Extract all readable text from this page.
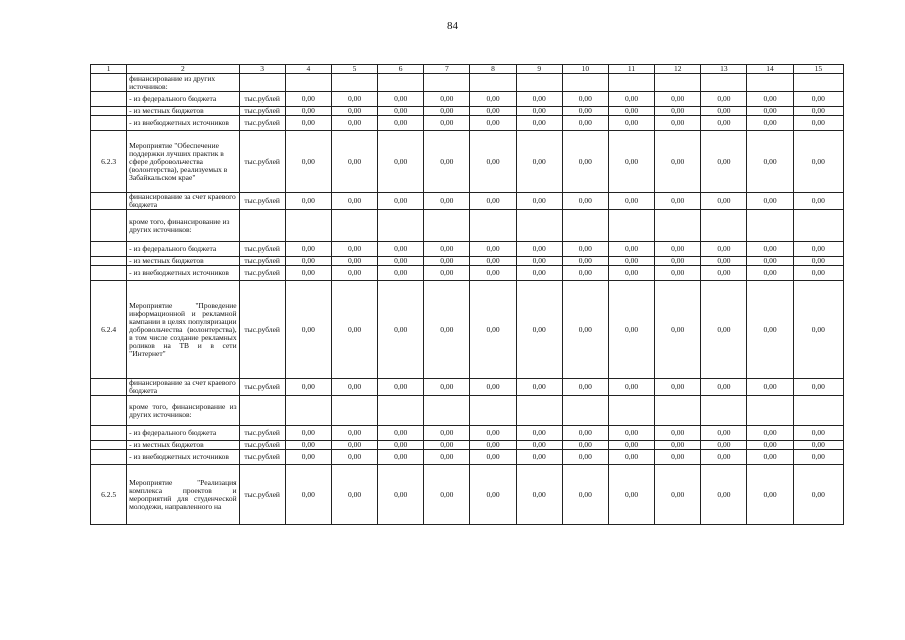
84
1	2	3	4	5	6	7	8	9	10	11	12	13	14	15
	финансирование из других источников:													
	- из федерального бюджета	тыс.рублей	0,00	0,00	0,00	0,00	0,00	0,00	0,00	0,00	0,00	0,00	0,00	0,00
	- из местных бюджетов	тыс.рублей	0,00	0,00	0,00	0,00	0,00	0,00	0,00	0,00	0,00	0,00	0,00	0,00
	- из внебюджетных источников	тыс.рублей	0,00	0,00	0,00	0,00	0,00	0,00	0,00	0,00	0,00	0,00	0,00	0,00
6.2.3	Мероприятие "Обеспечение поддержки лучших практик в сфере добровольчества (волонтерства), реализуемых в Забайкальском крае"	тыс.рублей	0,00	0,00	0,00	0,00	0,00	0,00	0,00	0,00	0,00	0,00	0,00	0,00
	финансирование за счет краевого бюджета	тыс.рублей	0,00	0,00	0,00	0,00	0,00	0,00	0,00	0,00	0,00	0,00	0,00	0,00
	кроме того, финансирование из других источников:													
	- из федерального бюджета	тыс.рублей	0,00	0,00	0,00	0,00	0,00	0,00	0,00	0,00	0,00	0,00	0,00	0,00
	- из местных бюджетов	тыс.рублей	0,00	0,00	0,00	0,00	0,00	0,00	0,00	0,00	0,00	0,00	0,00	0,00
	- из внебюджетных источников	тыс.рублей	0,00	0,00	0,00	0,00	0,00	0,00	0,00	0,00	0,00	0,00	0,00	0,00
6.2.4	Мероприятие "Проведение информационной и рекламной кампании в целях популяризации добровольчества (волонтерства), в том числе создание рекламных роликов на ТВ и в сети "Интернет"	тыс.рублей	0,00	0,00	0,00	0,00	0,00	0,00	0,00	0,00	0,00	0,00	0,00	0,00
	финансирование за счет краевого бюджета	тыс.рублей	0,00	0,00	0,00	0,00	0,00	0,00	0,00	0,00	0,00	0,00	0,00	0,00
	кроме того, финансирование из других источников:													
	- из федерального бюджета	тыс.рублей	0,00	0,00	0,00	0,00	0,00	0,00	0,00	0,00	0,00	0,00	0,00	0,00
	- из местных бюджетов	тыс.рублей	0,00	0,00	0,00	0,00	0,00	0,00	0,00	0,00	0,00	0,00	0,00	0,00
	- из внебюджетных источников	тыс.рублей	0,00	0,00	0,00	0,00	0,00	0,00	0,00	0,00	0,00	0,00	0,00	0,00
6.2.5	Мероприятие "Реализация комплекса проектов и мероприятий для студенческой молодежи, направленного на	тыс.рублей	0,00	0,00	0,00	0,00	0,00	0,00	0,00	0,00	0,00	0,00	0,00	0,00
